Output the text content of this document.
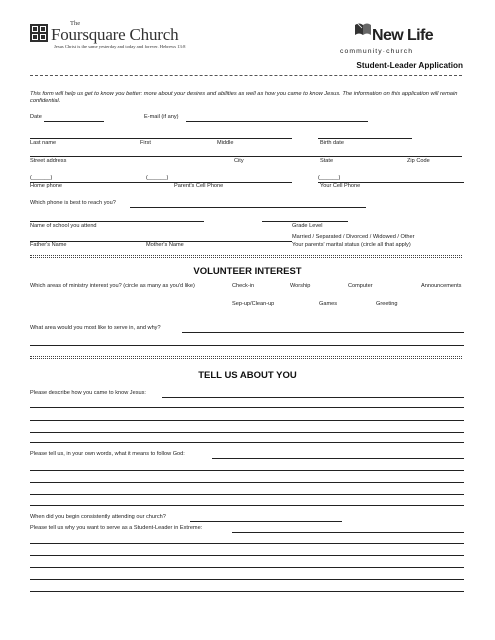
The
Foursquare Church
Jesus Christ is the same yesterday and today and forever. Hebrews 13:8
New Life
community·church
Student-Leader Application
This form will help us get to know you better: more about your desires and abilities as well as how you came to know Jesus. The information on this application will remain confidential.
Date	E-mail (if any)
Last name	First	Middle	Birth date
Street address	City	State	Zip Code
(______)	(______)	(______)
Home phone	Parent's Cell Phone	Your Cell Phone
Which phone is best to reach you?
Name of school you attend	Grade Level
Married / Separated / Divorced / Widowed / Other
Father's Name	Mother's Name	Your parents' marital status (circle all that apply)
VOLUNTEER INTEREST
Which areas of ministry interest you? (circle as many as you'd like)	Check-in	Worship	Computer	Announcements
Sep-up/Clean-up	Games	Greeting
What area would you most like to serve in, and why?
TELL US ABOUT YOU
Please describe how you came to know Jesus:
Please tell us, in your own words, what it means to follow God:
When did you begin consistently attending our church?
Please tell us why you want to serve as a Student-Leader in Extreme:
